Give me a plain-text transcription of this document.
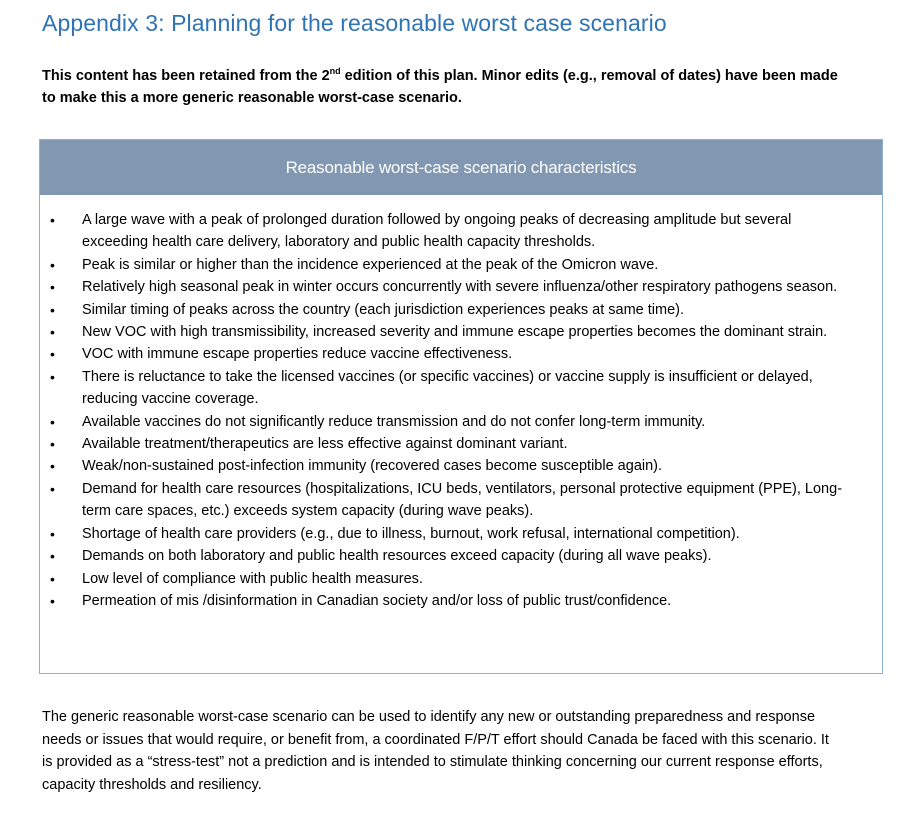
Appendix 3: Planning for the reasonable worst case scenario

This content has been retained from the 2nd edition of this plan. Minor edits (e.g., removal of dates) have been made to make this a more generic reasonable worst-case scenario.

Reasonable worst-case scenario characteristics
• A large wave with a peak of prolonged duration followed by ongoing peaks of decreasing amplitude but several exceeding health care delivery, laboratory and public health capacity thresholds.
• Peak is similar or higher than the incidence experienced at the peak of the Omicron wave.
• Relatively high seasonal peak in winter occurs concurrently with severe influenza/other respiratory pathogens season.
• Similar timing of peaks across the country (each jurisdiction experiences peaks at same time).
• New VOC with high transmissibility, increased severity and immune escape properties becomes the dominant strain.
• VOC with immune escape properties reduce vaccine effectiveness.
• There is reluctance to take the licensed vaccines (or specific vaccines) or vaccine supply is insufficient or delayed, reducing vaccine coverage.
• Available vaccines do not significantly reduce transmission and do not confer long-term immunity.
• Available treatment/therapeutics are less effective against dominant variant.
• Weak/non-sustained post-infection immunity (recovered cases become susceptible again).
• Demand for health care resources (hospitalizations, ICU beds, ventilators, personal protective equipment (PPE), Long-term care spaces, etc.) exceeds system capacity (during wave peaks).
• Shortage of health care providers (e.g., due to illness, burnout, work refusal, international competition).
• Demands on both laboratory and public health resources exceed capacity (during all wave peaks).
• Low level of compliance with public health measures.
• Permeation of mis /disinformation in Canadian society and/or loss of public trust/confidence.

The generic reasonable worst-case scenario can be used to identify any new or outstanding preparedness and response needs or issues that would require, or benefit from, a coordinated F/P/T effort should Canada be faced with this scenario. It is provided as a “stress-test” not a prediction and is intended to stimulate thinking concerning our current response efforts, capacity thresholds and resiliency.
